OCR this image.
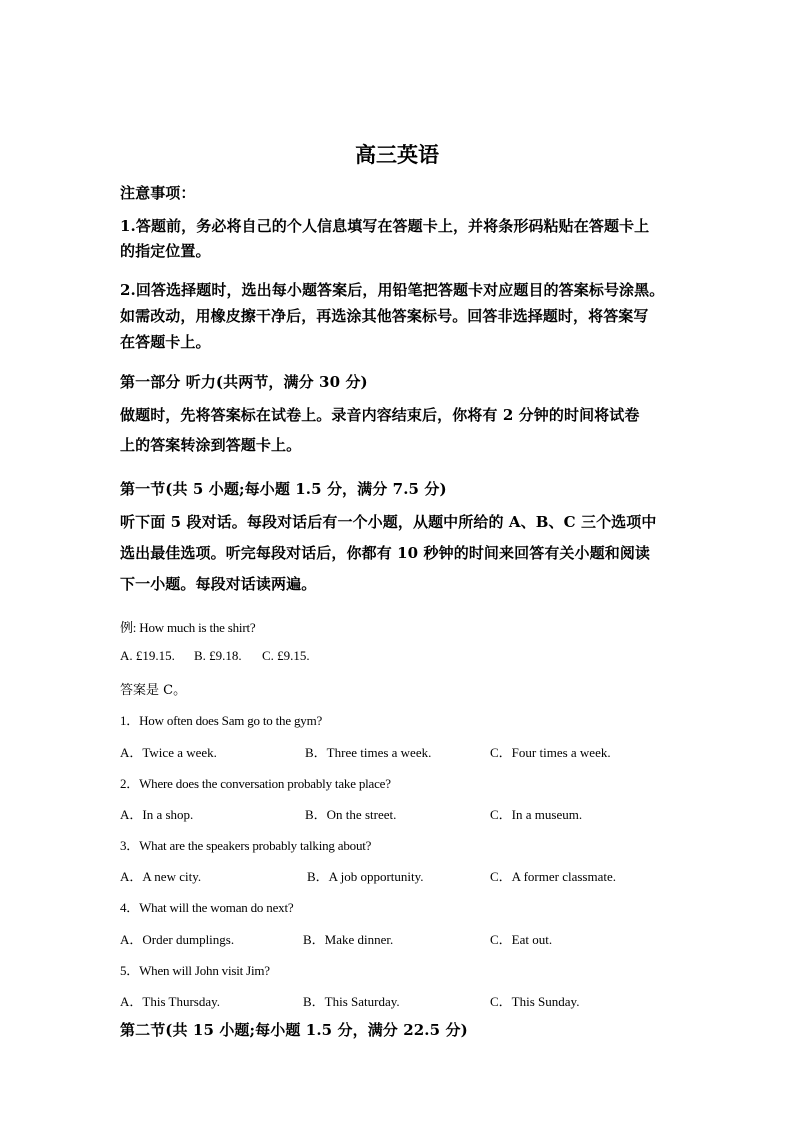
高三英语
注意事项：
1.答题前，务必将自己的个人信息填写在答题卡上，并将条形码粘贴在答题卡上
的指定位置。
2.回答选择题时，选出每小题答案后，用铅笔把答题卡对应题目的答案标号涂黑。
如需改动，用橡皮擦干净后，再选涂其他答案标号。回答非选择题时，将答案写
在答题卡上。
第一部分 听力(共两节，满分 30 分)
做题时，先将答案标在试卷上。录音内容结束后，你将有 2 分钟的时间将试卷
上的答案转涂到答题卡上。
第一节(共 5 小题;每小题 1.5 分，满分 7.5 分)
听下面 5 段对话。每段对话后有一个小题，从题中所给的 A、B、C 三个选项中
选出最佳选项。听完每段对话后，你都有 10 秒钟的时间来回答有关小题和阅读
下一小题。每段对话读两遍。
例: How much is the shirt?
A. £19.15. B. £9.18. C. £9.15.
答案是 C。
1．How often does Sam go to the gym?
A．Twice a week.	B．Three times a week.	C．Four times a week.
2．Where does the conversation probably take place?
A．In a shop.	B．On the street.	C．In a museum.
3．What are the speakers probably talking about?
A．A new city.	B．A job opportunity.	C．A former classmate.
4．What will the woman do next?
A．Order dumplings.	B．Make dinner.	C．Eat out.
5．When will John visit Jim?
A．This Thursday.	B．This Saturday.	C．This Sunday.
第二节(共 15 小题;每小题 1.5 分，满分 22.5 分)
